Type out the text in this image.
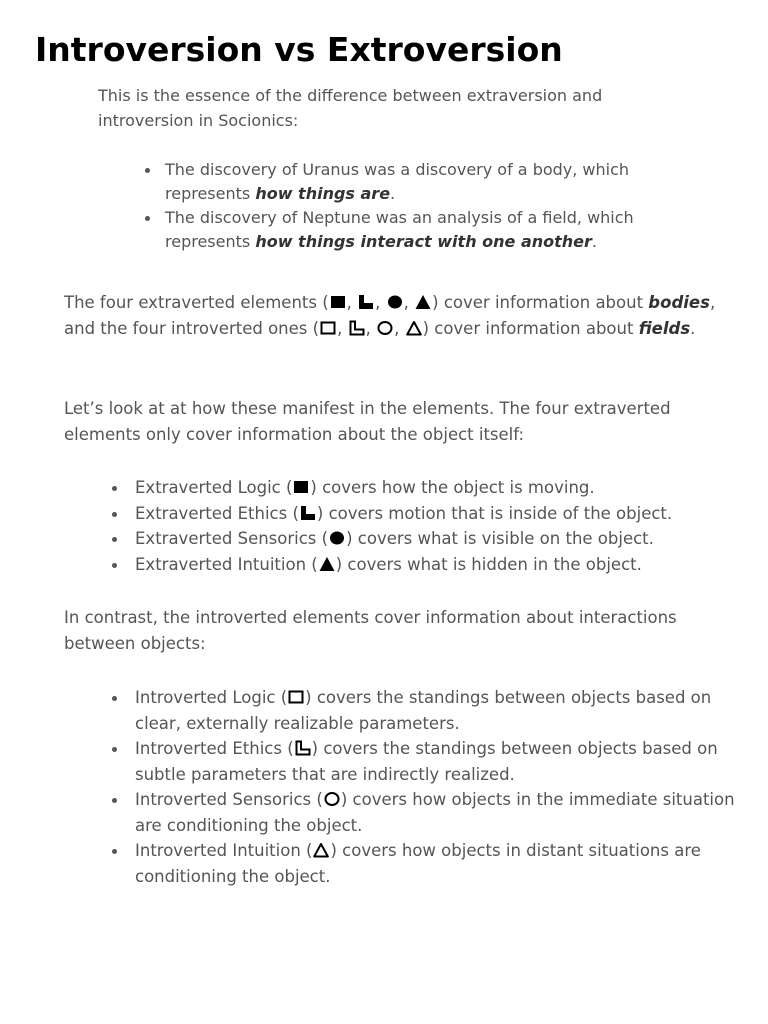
Introversion vs Extroversion

This is the essence of the difference between extraversion and introversion in Socionics:

The discovery of Uranus was a discovery of a body, which represents how things are.
The discovery of Neptune was an analysis of a field, which represents how things interact with one another.

The four extraverted elements ( ,
,
,
) cover information about bodies, and the four introverted ones ( ,
,
,
) cover information about fields.

Let’s look at at how these manifest in the elements. The four extraverted elements only cover information about the object itself:

Extraverted Logic ( ) covers how the object is moving.
Extraverted Ethics ( ) covers motion that is inside of the object.
Extraverted Sensorics ( ) covers what is visible on the object.
Extraverted Intuition ( ) covers what is hidden in the object.

In contrast, the introverted elements cover information about interactions between objects:

Introverted Logic ( ) covers the standings between objects based on clear, externally realizable parameters.
Introverted Ethics ( ) covers the standings between objects based on subtle parameters that are indirectly realized.
Introverted Sensorics ( ) covers how objects in the immediate situation are conditioning the object.
Introverted Intuition ( ) covers how objects in distant situations are conditioning the object.
